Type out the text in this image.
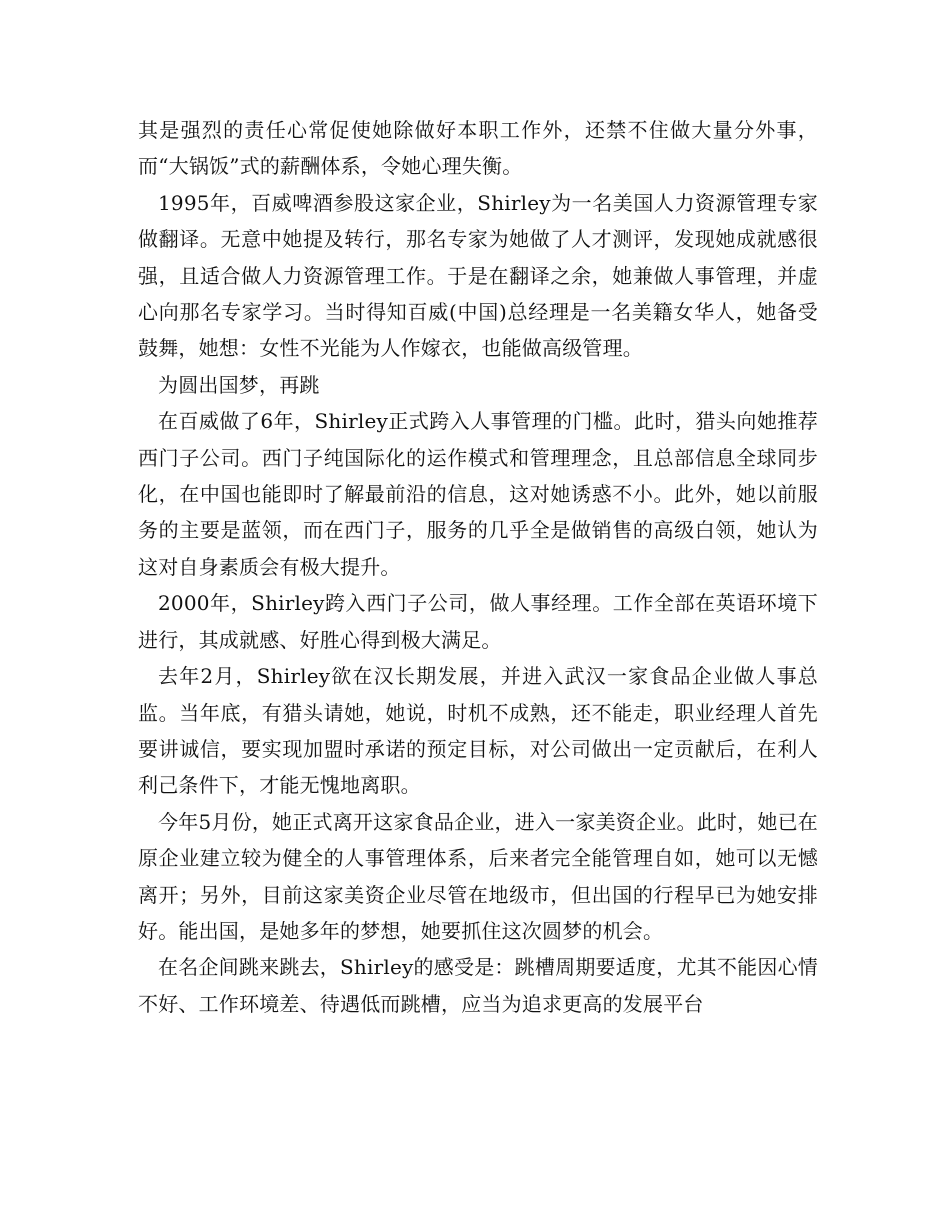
其是强烈的责任心常促使她除做好本职工作外，还禁不住做大量分外事，而“大锅饭”式的薪酬体系，令她心理失衡。

1995年，百威啤酒参股这家企业，Shirley为一名美国人力资源管理专家做翻译。无意中她提及转行，那名专家为她做了人才测评，发现她成就感很强，且适合做人力资源管理工作。于是在翻译之余，她兼做人事管理，并虚心向那名专家学习。当时得知百威(中国)总经理是一名美籍女华人，她备受鼓舞，她想：女性不光能为人作嫁衣，也能做高级管理。

为圆出国梦，再跳

在百威做了6年，Shirley正式跨入人事管理的门槛。此时，猎头向她推荐西门子公司。西门子纯国际化的运作模式和管理理念，且总部信息全球同步化，在中国也能即时了解最前沿的信息，这对她诱惑不小。此外，她以前服务的主要是蓝领，而在西门子，服务的几乎全是做销售的高级白领，她认为这对自身素质会有极大提升。

2000年，Shirley跨入西门子公司，做人事经理。工作全部在英语环境下进行，其成就感、好胜心得到极大满足。

去年2月，Shirley欲在汉长期发展，并进入武汉一家食品企业做人事总监。当年底，有猎头请她，她说，时机不成熟，还不能走，职业经理人首先要讲诚信，要实现加盟时承诺的预定目标，对公司做出一定贡献后，在利人利己条件下，才能无愧地离职。

今年5月份，她正式离开这家食品企业，进入一家美资企业。此时，她已在原企业建立较为健全的人事管理体系，后来者完全能管理自如，她可以无憾离开；另外，目前这家美资企业尽管在地级市，但出国的行程早已为她安排好。能出国，是她多年的梦想，她要抓住这次圆梦的机会。

在名企间跳来跳去，Shirley的感受是：跳槽周期要适度，尤其不能因心情不好、工作环境差、待遇低而跳槽，应当为追求更高的发展平台
